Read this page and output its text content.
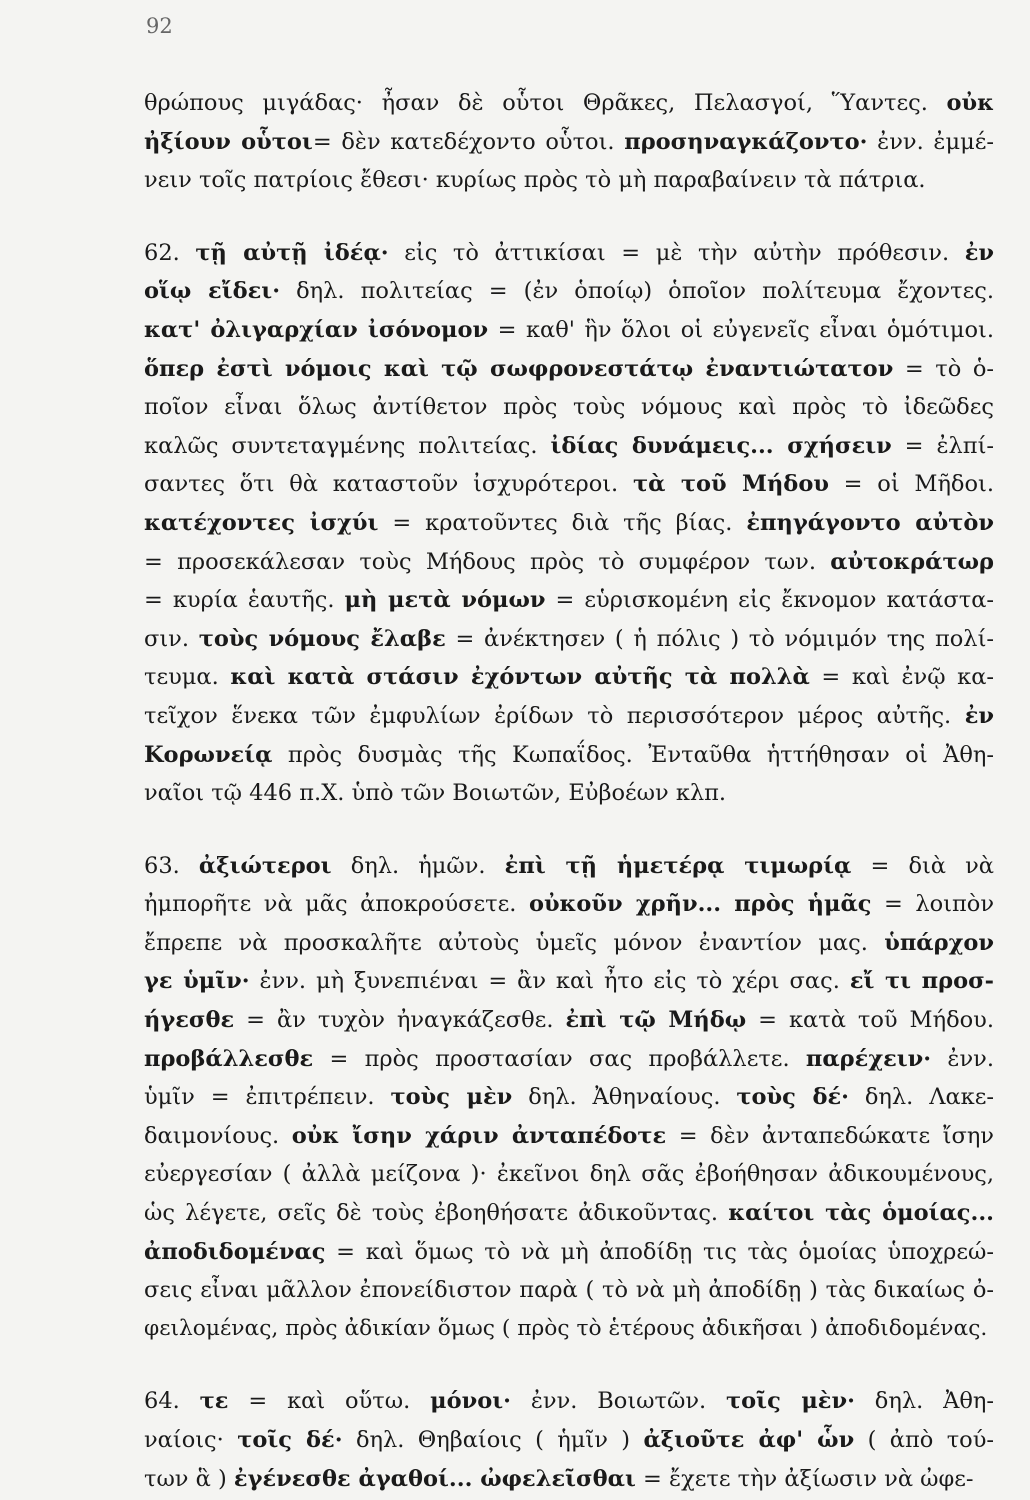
92
θρώπους μιγάδας· ἦσαν δὲ οὗτοι Θρᾶκες, Πελασγοί, Ὕαντες. οὐκ
ἠξίουν οὗτοι= δὲν κατεδέχοντο οὗτοι. προσηναγκάζοντο· ἐνν. ἐμμέ-
νειν τοῖς πατρίοις ἔθεσι· κυρίως πρὸς τὸ μὴ παραβαίνειν τὰ πάτρια.
62. τῇ αὐτῇ ἰδέᾳ· εἰς τὸ ἀττικίσαι = μὲ τὴν αὐτὴν πρόθεσιν. ἐν
οἵῳ εἴδει· δηλ. πολιτείας = (ἐν ὁποίῳ) ὁποῖον πολίτευμα ἔχοντες.
κατ' ὀλιγαρχίαν ἰσόνομον = καθ' ἣν ὅλοι οἱ εὐγενεῖς εἶναι ὁμότιμοι.
ὅπερ ἐστὶ νόμοις καὶ τῷ σωφρονεστάτῳ ἐναντιώτατον = τὸ ὁ-
ποῖον εἶναι ὅλως ἀντίθετον πρὸς τοὺς νόμους καὶ πρὸς τὸ ἰδεῶδες
καλῶς συντεταγμένης πολιτείας. ἰδίας δυνάμεις... σχήσειν = ἐλπί-
σαντες ὅτι θὰ καταστοῦν ἰσχυρότεροι. τὰ τοῦ Μήδου = οἱ Μῆδοι.
κατέχοντες ἰσχύι = κρατοῦντες διὰ τῆς βίας. ἐπηγάγοντο αὐτὸν
= προσεκάλεσαν τοὺς Μήδους πρὸς τὸ συμφέρον των. αὐτοκράτωρ
= κυρία ἑαυτῆς. μὴ μετὰ νόμων = εὑρισκομένη εἰς ἔκνομον κατάστα-
σιν. τοὺς νόμους ἔλαβε = ἀνέκτησεν ( ἡ πόλις ) τὸ νόμιμόν της πολί-
τευμα. καὶ κατὰ στάσιν ἐχόντων αὐτῆς τὰ πολλὰ = καὶ ἐνῷ κα-
τεῖχον ἕνεκα τῶν ἐμφυλίων ἐρίδων τὸ περισσότερον μέρος αὐτῆς. ἐν
Κορωνείᾳ πρὸς δυσμὰς τῆς Κωπαΐδος. Ἐνταῦθα ἡττήθησαν οἱ Ἀθη-
ναῖοι τῷ 446 π.Χ. ὑπὸ τῶν Βοιωτῶν, Εὐβοέων κλπ.
63. ἀξιώτεροι δηλ. ἡμῶν. ἐπὶ τῇ ἡμετέρᾳ τιμωρίᾳ = διὰ νὰ
ἠμπορῆτε νὰ μᾶς ἀποκρούσετε. οὐκοῦν χρῆν... πρὸς ἡμᾶς = λοιπὸν
ἔπρεπε νὰ προσκαλῆτε αὐτοὺς ὑμεῖς μόνον ἐναντίον μας. ὑπάρχον
γε ὑμῖν· ἐνν. μὴ ξυνεπιέναι = ἂν καὶ ἦτο εἰς τὸ χέρι σας. εἴ τι προσ-
ήγεσθε = ἂν τυχὸν ἠναγκάζεσθε. ἐπὶ τῷ Μήδῳ = κατὰ τοῦ Μήδου.
προβάλλεσθε = πρὸς προστασίαν σας προβάλλετε. παρέχειν· ἐνν.
ὑμῖν = ἐπιτρέπειν. τοὺς μὲν δηλ. Ἀθηναίους. τοὺς δέ· δηλ. Λακε-
δαιμονίους. οὐκ ἴσην χάριν ἀνταπέδοτε = δὲν ἀνταπεδώκατε ἴσην
εὐεργεσίαν ( ἀλλὰ μείζονα )· ἐκεῖνοι δηλ σᾶς ἐβοήθησαν ἀδικουμένους,
ὡς λέγετε, σεῖς δὲ τοὺς ἐβοηθήσατε ἀδικοῦντας. καίτοι τὰς ὁμοίας...
ἀποδιδομένας = καὶ ὅμως τὸ νὰ μὴ ἀποδίδῃ τις τὰς ὁμοίας ὑποχρεώ-
σεις εἶναι μᾶλλον ἐπονείδιστον παρὰ ( τὸ νὰ μὴ ἀποδίδῃ ) τὰς δικαίως ὀ-
φειλομένας, πρὸς ἀδικίαν ὅμως ( πρὸς τὸ ἑτέρους ἀδικῆσαι ) ἀποδιδομένας.
64. τε = καὶ οὕτω. μόνοι· ἐνν. Βοιωτῶν. τοῖς μὲν· δηλ. Ἀθη-
ναίοις· τοῖς δέ· δηλ. Θηβαίοις ( ἡμῖν ) ἀξιοῦτε ἀφ' ὧν ( ἀπὸ τού-
των ἃ ) ἐγένεσθε ἀγαθοί... ὠφελεῖσθαι = ἔχετε τὴν ἀξίωσιν νὰ ὠφε-
